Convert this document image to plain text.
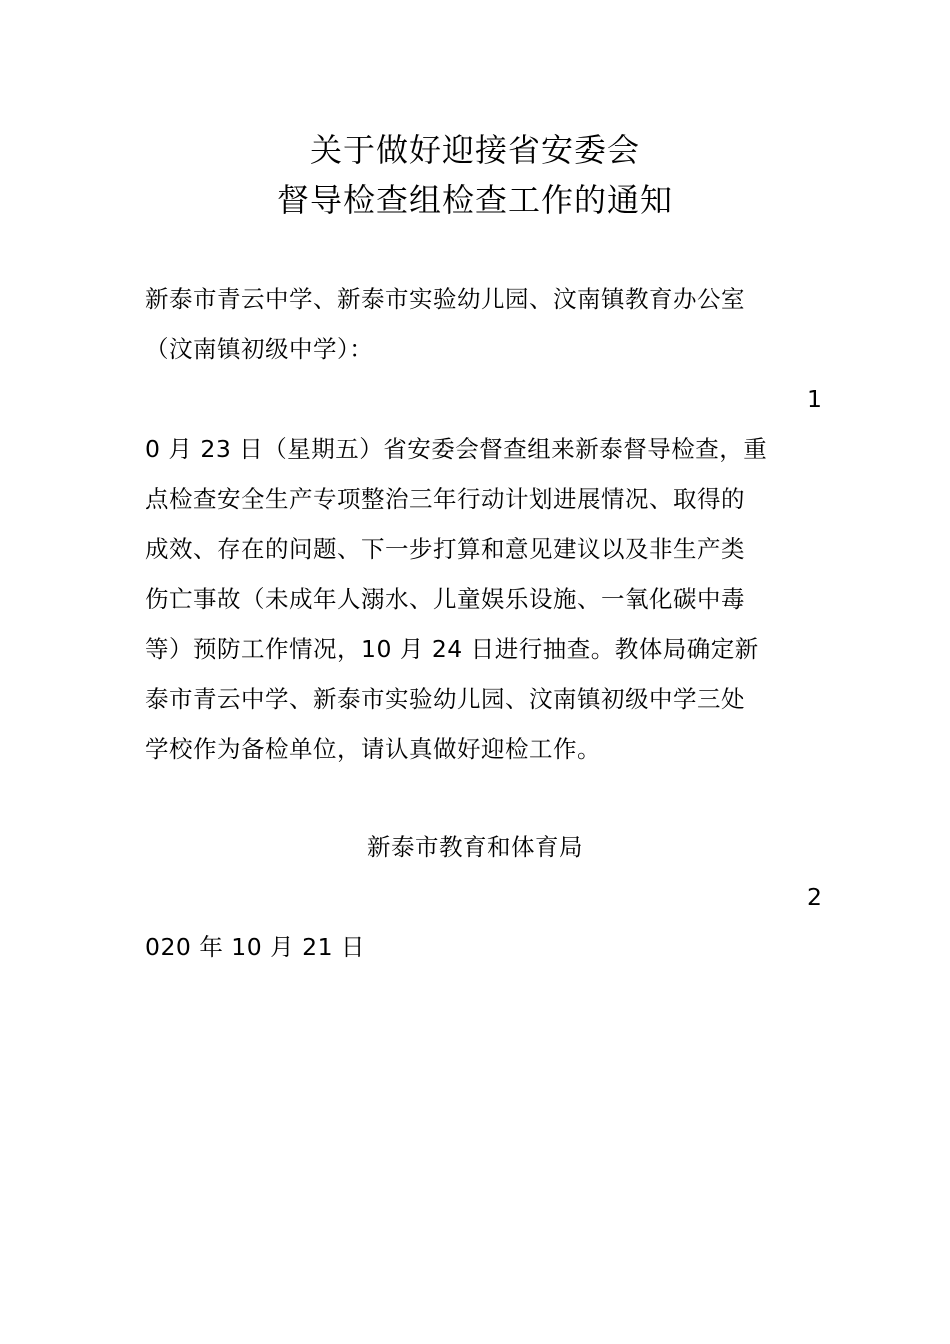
关于做好迎接省安委会
督导检查组检查工作的通知
新泰市青云中学、新泰市实验幼儿园、汶南镇教育办公室
（汶南镇初级中学）：
1
0 月 23 日（星期五）省安委会督查组来新泰督导检查，重
点检查安全生产专项整治三年行动计划进展情况、取得的
成效、存在的问题、下一步打算和意见建议以及非生产类
伤亡事故（未成年人溺水、儿童娱乐设施、一氧化碳中毒
等）预防工作情况，10 月 24 日进行抽查。教体局确定新
泰市青云中学、新泰市实验幼儿园、汶南镇初级中学三处
学校作为备检单位，请认真做好迎检工作。
新泰市教育和体育局
2
020 年 10 月 21 日
